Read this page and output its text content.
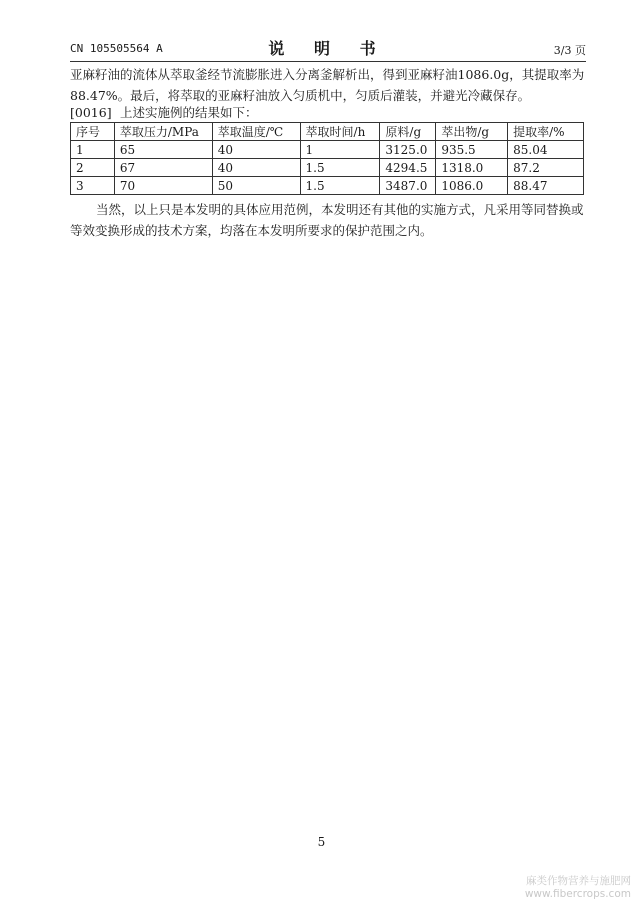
CN 105505564 A	说 明 书	3/3 页
亚麻籽油的流体从萃取釜经节流膨胀进入分离釜解析出，得到亚麻籽油1086.0g，其提取率为88.47%。最后，将萃取的亚麻籽油放入匀质机中，匀质后灌装，并避光冷藏保存。
[0016] 上述实施例的结果如下：
序号	萃取压力/MPa	萃取温度/℃	萃取时间/h	原料/g	萃出物/g	提取率/%
1	65	40	1	3125.0	935.5	85.04
2	67	40	1.5	4294.5	1318.0	87.2
3	70	50	1.5	3487.0	1086.0	88.47
当然，以上只是本发明的具体应用范例，本发明还有其他的实施方式，凡采用等同替换或等效变换形成的技术方案，均落在本发明所要求的保护范围之内。
5
麻类作物营养与施肥网
www.fibercrops.com
